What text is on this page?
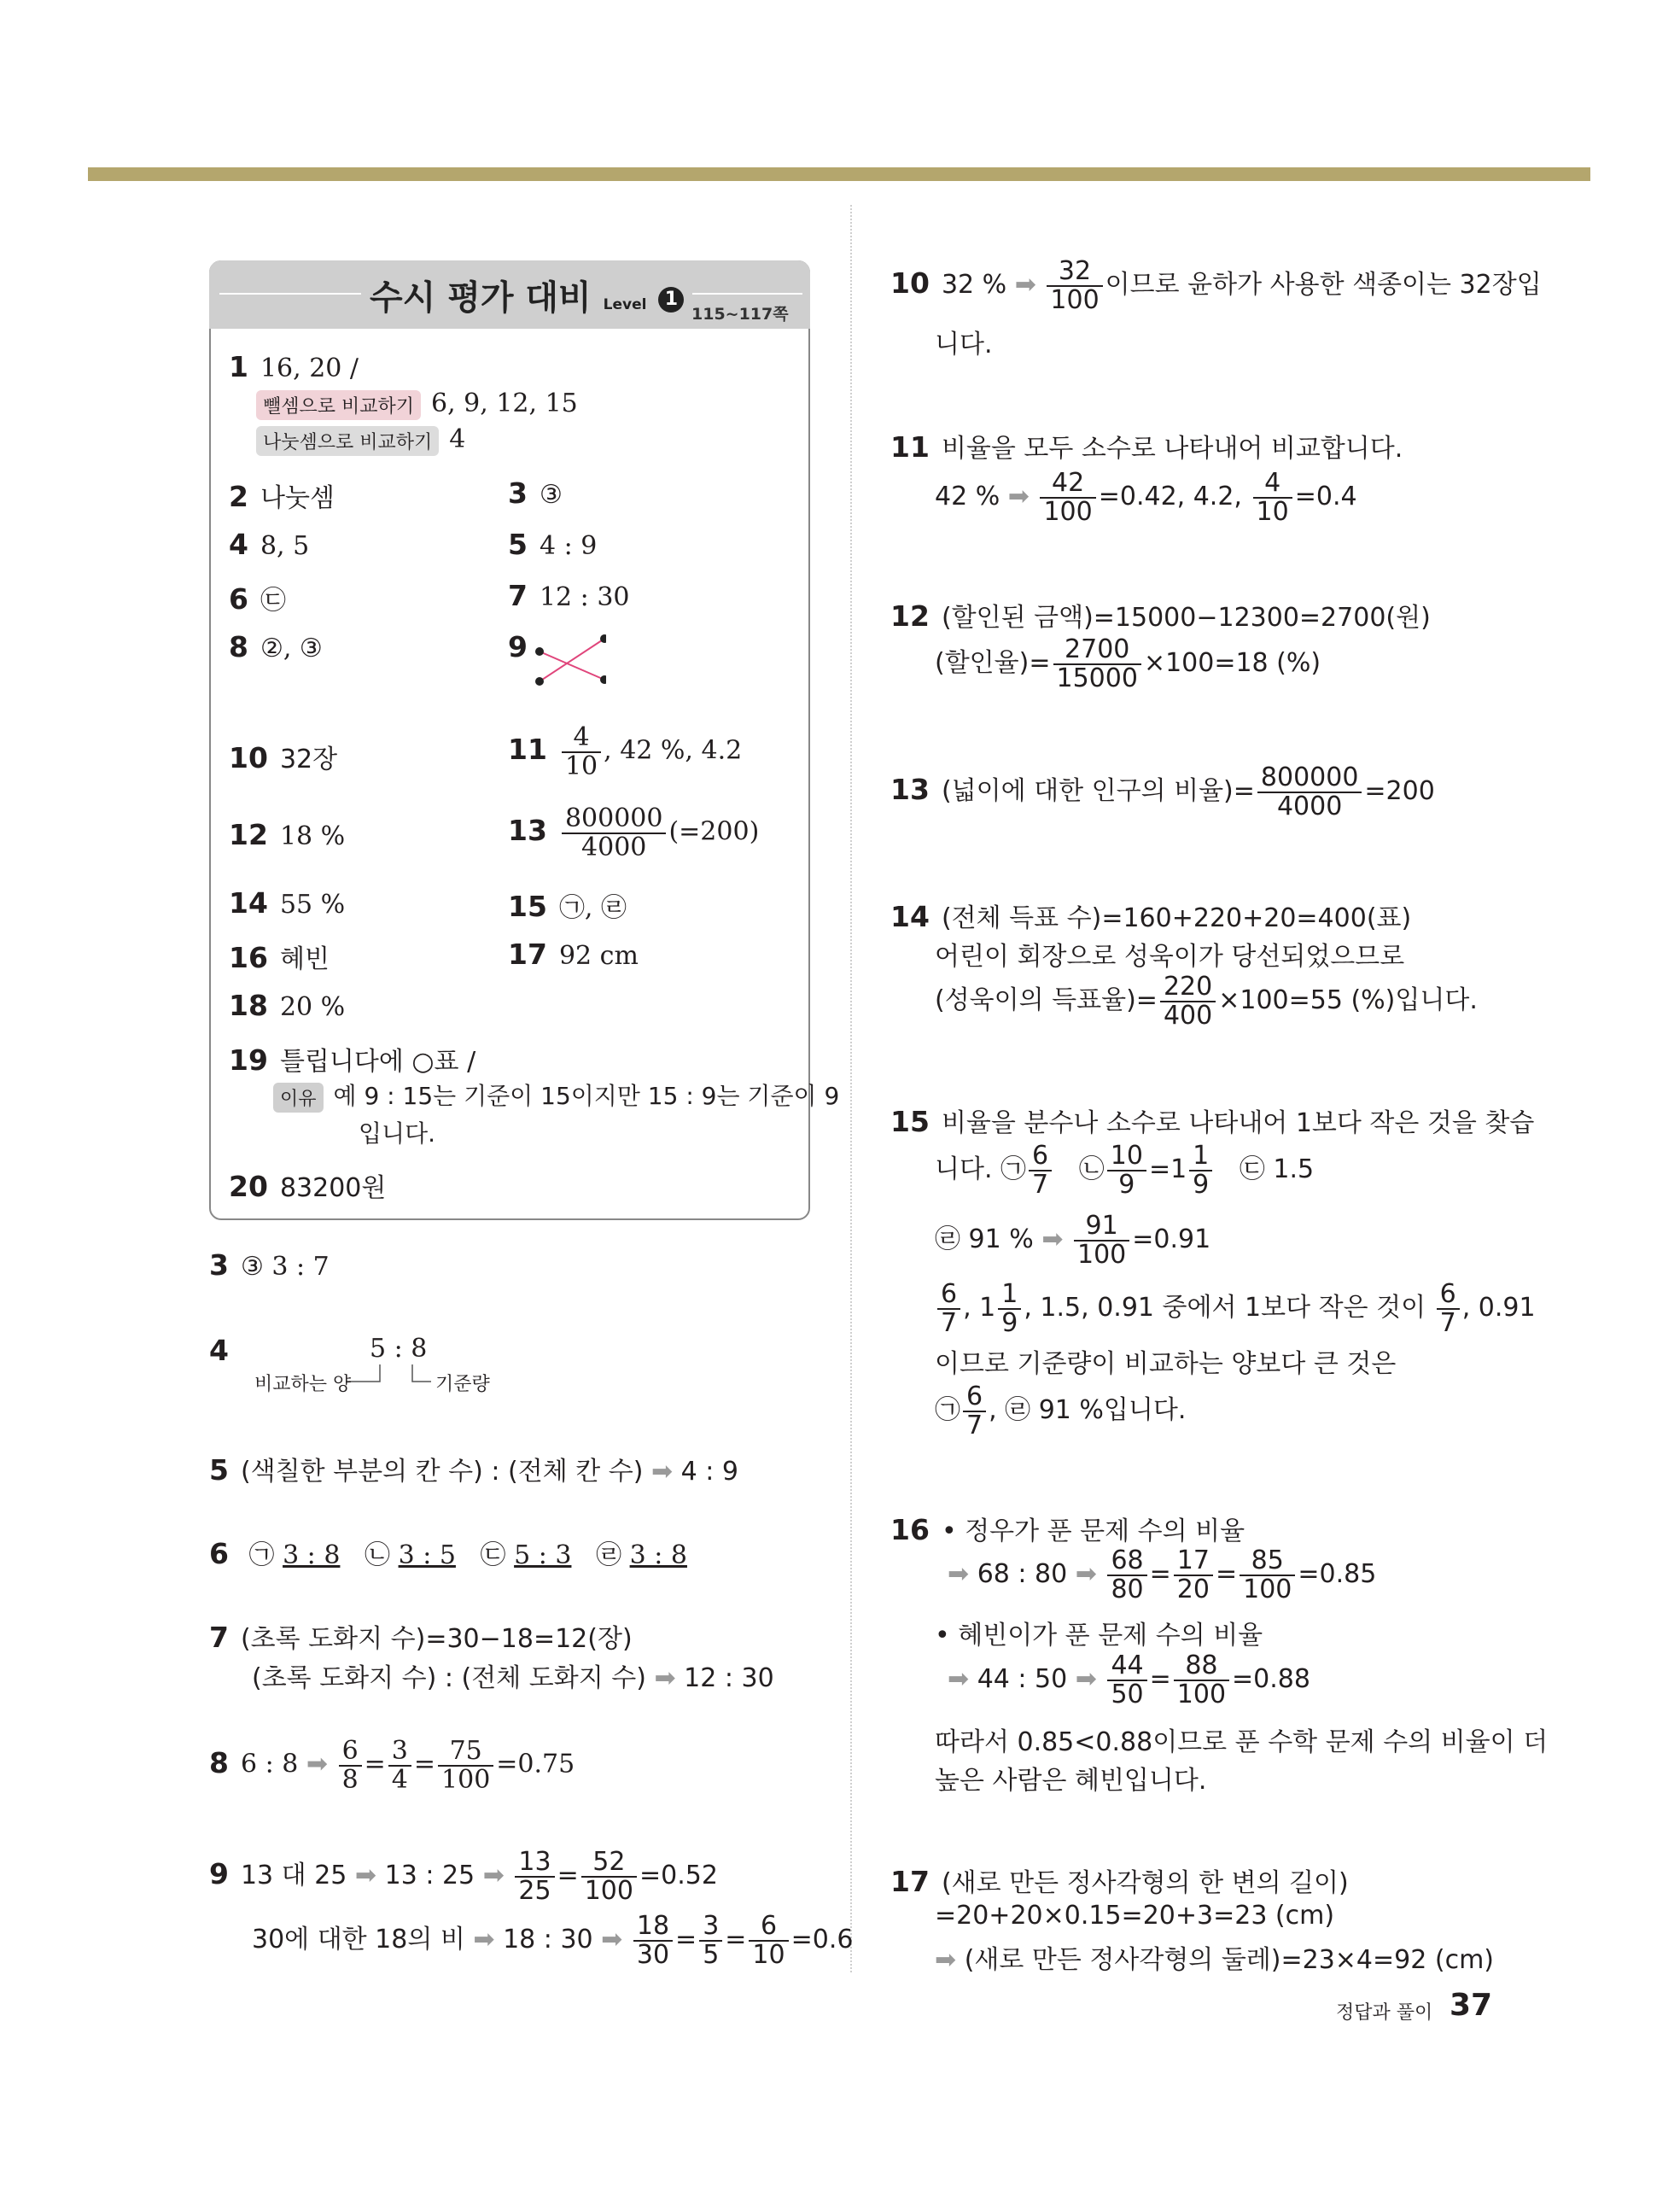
수시 평가 대비 Level 1
115~117쪽
1 16, 20 /
뺄셈으로 비교하기 6, 9, 12, 15
나눗셈으로 비교하기 4
2 나눗셈	3 ③
4 8, 5	5 4 : 9
6 ㉢	7 12 : 30
8 ②, ③	9
10 32장	$11 \frac{4}{10}$ , 42 %, 4.2
12 18 %	$13 \frac{800000}{4000} (=200)$
14 55 %	15 ㉠, ㉣
16 혜빈	17 92 cm
18 20 %
19 틀립니다에 ○표 /
이유 예 9 : 15는 기준이 15이지만 15 : 9는 기준이 9
입니다.
20 83200원
3 ③ 3 : 7
4	5 : 8
비교하는 양	기준량
5 (색칠한 부분의 칸 수) : (전체 칸 수) ➡ 4 : 9
6 ㉠ 3 : 8 ㉡ 3 : 5 ㉢ 5 : 3 ㉣ 3 : 8
7 (초록 도화지 수)=30−18=12(장)
(초록 도화지 수) : (전체 도화지 수) ➡ 12 : 30
8 6 : 8 ➡ $\frac{6}{8} = \frac{3}{4} = \frac{75}{100} =0.75$
9 13 대 25 ➡ 13 : 25 ➡ $\frac{13}{25} = \frac{52}{100} =0.52$
30에 대한 18의 비 ➡ 18 : 30 ➡ $\frac{18}{30} = \frac{3}{5} = \frac{6}{10} =0.6$
10 32 % ➡ $\frac{32}{100}$ 이므로 윤하가 사용한 색종이는 32장입
니다.
11 비율을 모두 소수로 나타내어 비교합니다.
42 % ➡ $\frac{42}{100} =0.42$, 4.2, $\frac{4}{10} =0.4$
12 (할인된 금액)=15000−12300=2700(원)
(할인율)= $\frac{2700}{15000} \times 100=18$ (%)
13 (넓이에 대한 인구의 비율)= $\frac{800000}{4000} =200$
14 (전체 득표 수)=160+220+20=400(표)
어린이 회장으로 성욱이가 당선되었으므로
(성욱이의 득표율)= $\frac{220}{400} \times 100=55$ (%)입니다.
15 비율을 분수나 소수로 나타내어 1보다 작은 것을 찾습
니다. ㉠ $\frac{6}{7}$ ㉡ $\frac{10}{9} =1 \frac{1}{9}$ ㉢ 1.5
㉣ 91 % ➡ $\frac{91}{100} =0.91$
$\frac{6}{7}$ , $1 \frac{1}{9}$ , 1.5, 0.91 중에서 1보다 작은 것이 $\frac{6}{7}$ , 0.91
이므로 기준량이 비교하는 양보다 큰 것은
㉠ $\frac{6}{7}$ , ㉣ 91 %입니다.
16 • 정우가 푼 문제 수의 비율
➡ 68 : 80 ➡ $\frac{68}{80} = \frac{17}{20} = \frac{85}{100} =0.85$
• 혜빈이가 푼 문제 수의 비율
➡ 44 : 50 ➡ $\frac{44}{50} = \frac{88}{100} =0.88$
따라서 0.85<0.88이므로 푼 수학 문제 수의 비율이 더
높은 사람은 혜빈입니다.
17 (새로 만든 정사각형의 한 변의 길이)
=20+20×0.15=20+3=23 (cm)
➡ (새로 만든 정사각형의 둘레)=23×4=92 (cm)
정답과 풀이 37
